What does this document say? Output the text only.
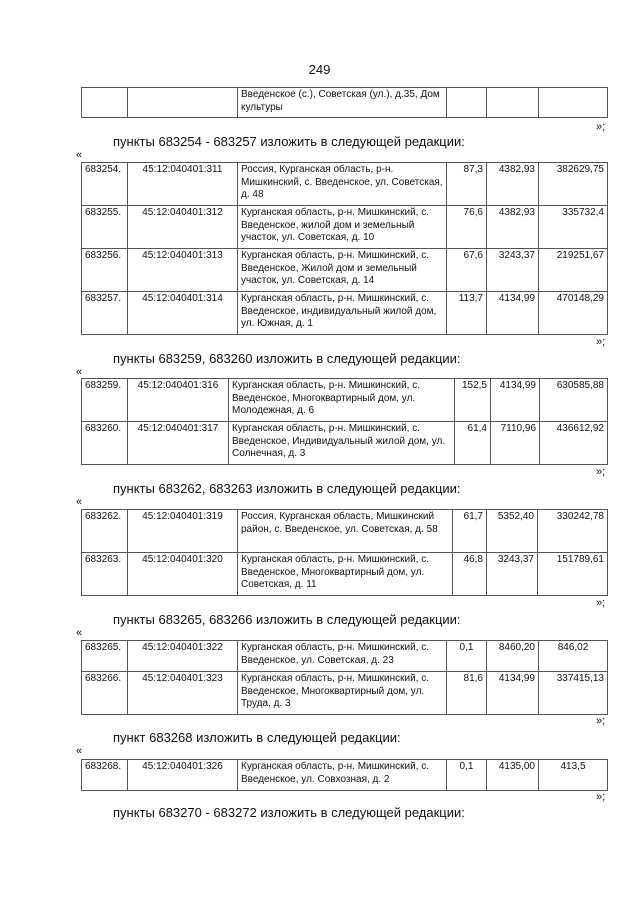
249
		Введенское (с.), Советская (ул.), д.35, Дом культуры			
»;
пункты 683254 - 683257 изложить в следующей редакции:
«
683254.	45:12:040401:311	Россия, Курганская область, р-н. Мишкинский, с. Введенское, ул. Советская, д. 48	87,3	4382,93	382629,75
683255.	45:12:040401:312	Курганская область, р-н. Мишкинский, с. Введенское, жилой дом и земельный участок, ул. Советская, д. 10	76,6	4382,93	335732,4
683256.	45:12:040401:313	Курганская область, р-н. Мишкинский, с. Введенское, Жилой дом и земельный участок, ул. Советская, д. 14	67,6	3243,37	219251,67
683257.	45:12:040401:314	Курганская область, р-н. Мишкинский, с. Введенское, индивидуальный жилой дом, ул. Южная, д. 1	113,7	4134,99	470148,29
»;
пункты 683259, 683260 изложить в следующей редакции:
«
683259.	45:12:040401:316	Курганская область, р-н. Мишкинский, с. Введенское, Многоквартирный дом, ул. Молодежная, д. 6	152,5	4134,99	630585,88
683260.	45:12:040401:317	Курганская область, р-н. Мишкинский, с. Введенское, Индивидуальный жилой дом, ул. Солнечная, д. 3	61,4	7110,96	436612,92
»;
пункты 683262, 683263 изложить в следующей редакции:
«
683262.	45:12:040401:319	Россия, Курганская область, Мишкинский район, с. Введенское, ул. Советская, д. 58	61,7	5352,40	330242,78
683263.	45:12:040401:320	Курганская область, р-н. Мишкинский, с. Введенское, Многоквартирный дом, ул. Советская, д. 11	46,8	3243,37	151789,61
»;
пункты 683265, 683266 изложить в следующей редакции:
«
683265.	45:12:040401:322	Курганская область, р-н. Мишкинский, с. Введенское, ул. Советская, д. 23	0,1	8460,20	846,02
683266.	45:12:040401:323	Курганская область, р-н. Мишкинский, с. Введенское, Многоквартирный дом, ул. Труда, д. 3	81,6	4134,99	337415,13
»;
пункт 683268 изложить в следующей редакции:
«
683268.	45:12:040401:326	Курганская область, р-н. Мишкинский, с. Введенское, ул. Совхозная, д. 2	0,1	4135,00	413,5
»;
пункты 683270 - 683272 изложить в следующей редакции:
